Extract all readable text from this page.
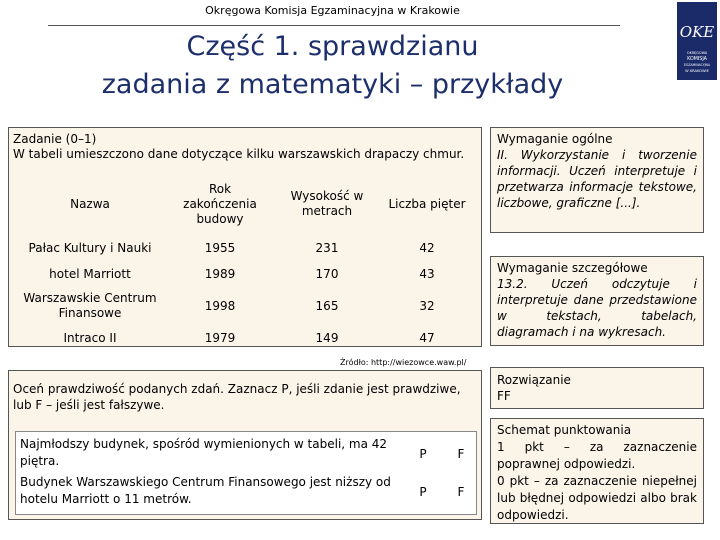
Okręgowa Komisja Egzaminacyjna w Krakowie
OKE
OKRĘGOWA
KOMISJA
EGZAMINACYJNA
W KRAKOWIE
Część 1. sprawdzianu
zadania z matematyki – przykłady
Zadanie (0–1)
W tabeli umieszczono dane dotyczące kilku warszawskich drapaczy chmur.
Nazwa	Rok zakończenia budowy	Wysokość w metrach	Liczba pięter
Pałac Kultury i Nauki	1955	231	42
hotel Marriott	1989	170	43
Warszawskie Centrum Finansowe	1998	165	32
Intraco II	1979	149	47
Źródło: http://wiezowce.waw.pl/
Oceń prawdziwość podanych zdań. Zaznacz P, jeśli zdanie jest prawdziwe, lub F – jeśli jest fałszywe.
Najmłodszy budynek, spośród wymienionych w tabeli, ma 42 piętra.	P	F
Budynek Warszawskiego Centrum Finansowego jest niższy od hotelu Marriott o 11 metrów.	P	F
Wymaganie ogólne
II. Wykorzystanie i tworzenie informacji. Uczeń interpretuje i przetwarza informacje tekstowe, liczbowe, graficzne [...].
Wymaganie szczegółowe
13.2. Uczeń odczytuje i interpretuje dane przedstawione w tekstach, tabelach, diagramach i na wykresach.
Rozwiązanie
FF
Schemat punktowania
1 pkt – za zaznaczenie poprawnej odpowiedzi.
0 pkt – za zaznaczenie niepełnej lub błędnej odpowiedzi albo brak odpowiedzi.
